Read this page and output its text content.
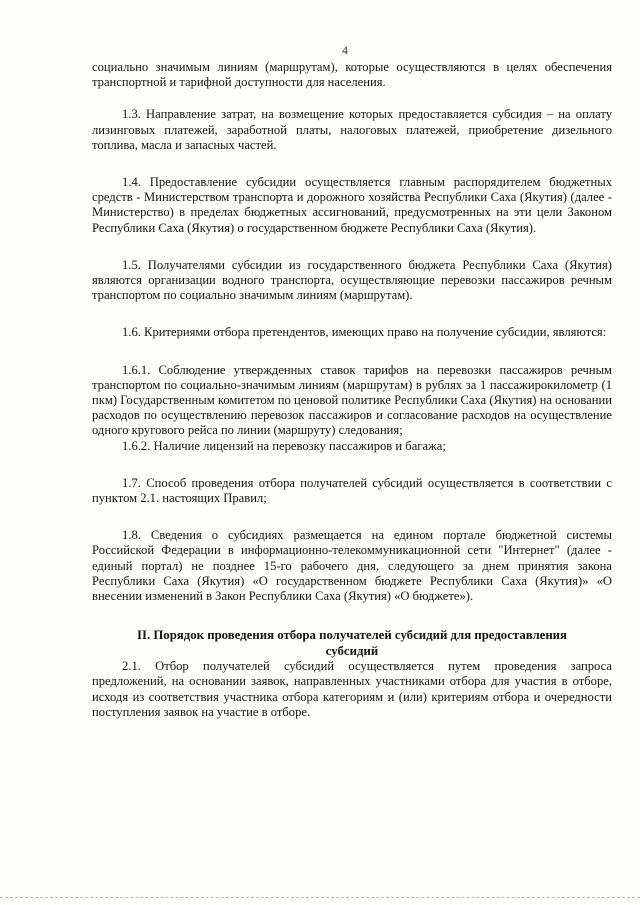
4

социально значимым линиям (маршрутам), которые осуществляются в целях обеспечения транспортной и тарифной доступности для населения.

1.3. Направление затрат, на возмещение которых предоставляется субсидия – на оплату лизинговых платежей, заработной платы, налоговых платежей, приобретение дизельного топлива, масла и запасных частей.

1.4. Предоставление субсидии осуществляется главным распорядителем бюджетных средств - Министерством транспорта и дорожного хозяйства Республики Саха (Якутия) (далее - Министерство) в пределах бюджетных ассигнований, предусмотренных на эти цели Законом Республики Саха (Якутия) о государственном бюджете Республики Саха (Якутия).

1.5. Получателями субсидии из государственного бюджета Республики Саха (Якутия) являются организации водного транспорта, осуществляющие перевозки пассажиров речным транспортом по социально значимым линиям (маршрутам).

1.6. Критериями отбора претендентов, имеющих право на получение субсидии, являются:

1.6.1. Соблюдение утвержденных ставок тарифов на перевозки пассажиров речным транспортом по социально-значимым линиям (маршрутам) в рублях за 1 пассажирокилометр (1 пкм) Государственным комитетом по ценовой политике Республики Саха (Якутия) на основании расходов по осуществлению перевозок пассажиров и согласование расходов на осуществление одного кругового рейса по линии (маршруту) следования;

1.6.2. Наличие лицензий на перевозку пассажиров и багажа;

1.7. Способ проведения отбора получателей субсидий осуществляется в соответствии с пунктом 2.1. настоящих Правил;

1.8. Сведения о субсидиях размещается на едином портале бюджетной системы Российской Федерации в информационно-телекоммуникационной сети "Интернет" (далее - единый портал) не позднее 15-го рабочего дня, следующего за днем принятия закона Республики Саха (Якутия) «О государственном бюджете Республики Саха (Якутия)» «О внесении изменений в Закон Республики Саха (Якутия) «О бюджете»).

II. Порядок проведения отбора получателей субсидий для предоставления субсидий

2.1. Отбор получателей субсидий осуществляется путем проведения запроса предложений, на основании заявок, направленных участниками отбора для участия в отборе, исходя из соответствия участника отбора категориям и (или) критериям отбора и очередности поступления заявок на участие в отборе.
